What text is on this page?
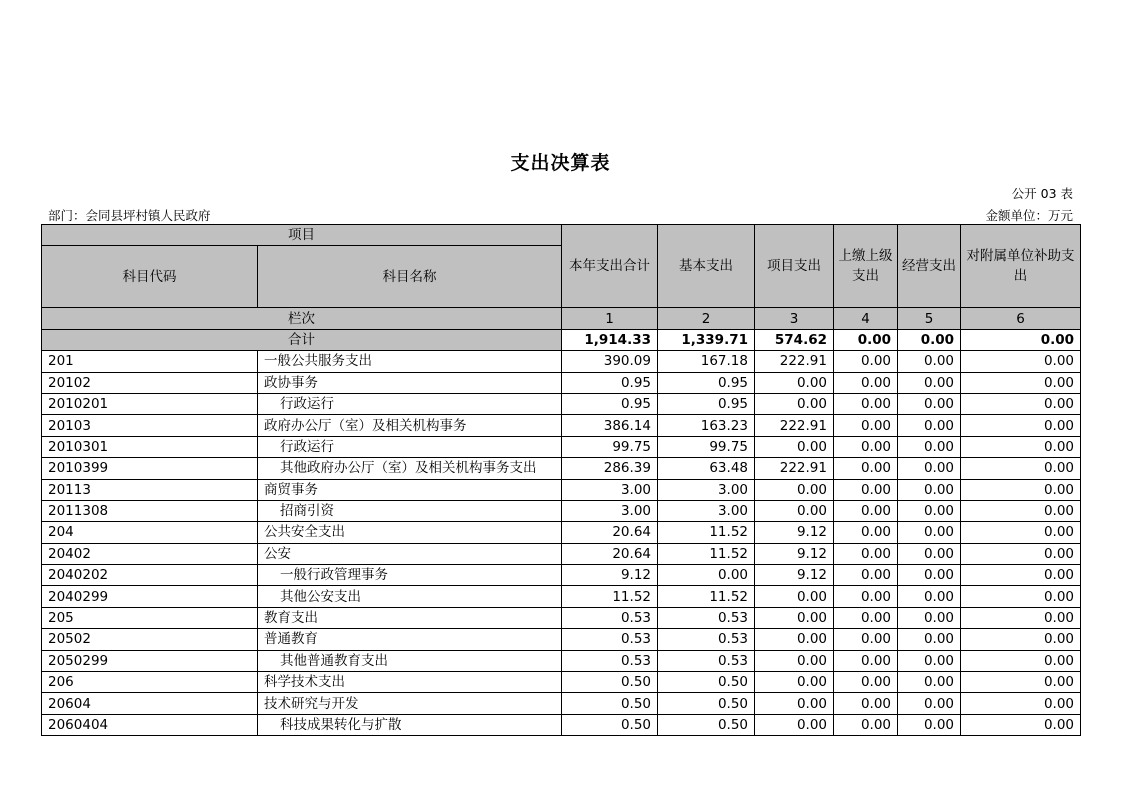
支出决算表
公开 03 表
部门：会同县坪村镇人民政府	金额单位：万元
项目		本年支出合计	基本支出	项目支出	上缴上级支出	经营支出	对附属单位补助支出
科目代码	科目名称						
栏次		1	2	3	4	5	6
合计		1,914.33	1,339.71	574.62	0.00	0.00	0.00
201	一般公共服务支出	390.09	167.18	222.91	0.00	0.00	0.00
20102	政协事务	0.95	0.95	0.00	0.00	0.00	0.00
2010201	行政运行	0.95	0.95	0.00	0.00	0.00	0.00
20103	政府办公厅（室）及相关机构事务	386.14	163.23	222.91	0.00	0.00	0.00
2010301	行政运行	99.75	99.75	0.00	0.00	0.00	0.00
2010399	其他政府办公厅（室）及相关机构事务支出	286.39	63.48	222.91	0.00	0.00	0.00
20113	商贸事务	3.00	3.00	0.00	0.00	0.00	0.00
2011308	招商引资	3.00	3.00	0.00	0.00	0.00	0.00
204	公共安全支出	20.64	11.52	9.12	0.00	0.00	0.00
20402	公安	20.64	11.52	9.12	0.00	0.00	0.00
2040202	一般行政管理事务	9.12	0.00	9.12	0.00	0.00	0.00
2040299	其他公安支出	11.52	11.52	0.00	0.00	0.00	0.00
205	教育支出	0.53	0.53	0.00	0.00	0.00	0.00
20502	普通教育	0.53	0.53	0.00	0.00	0.00	0.00
2050299	其他普通教育支出	0.53	0.53	0.00	0.00	0.00	0.00
206	科学技术支出	0.50	0.50	0.00	0.00	0.00	0.00
20604	技术研究与开发	0.50	0.50	0.00	0.00	0.00	0.00
2060404	科技成果转化与扩散	0.50	0.50	0.00	0.00	0.00	0.00
